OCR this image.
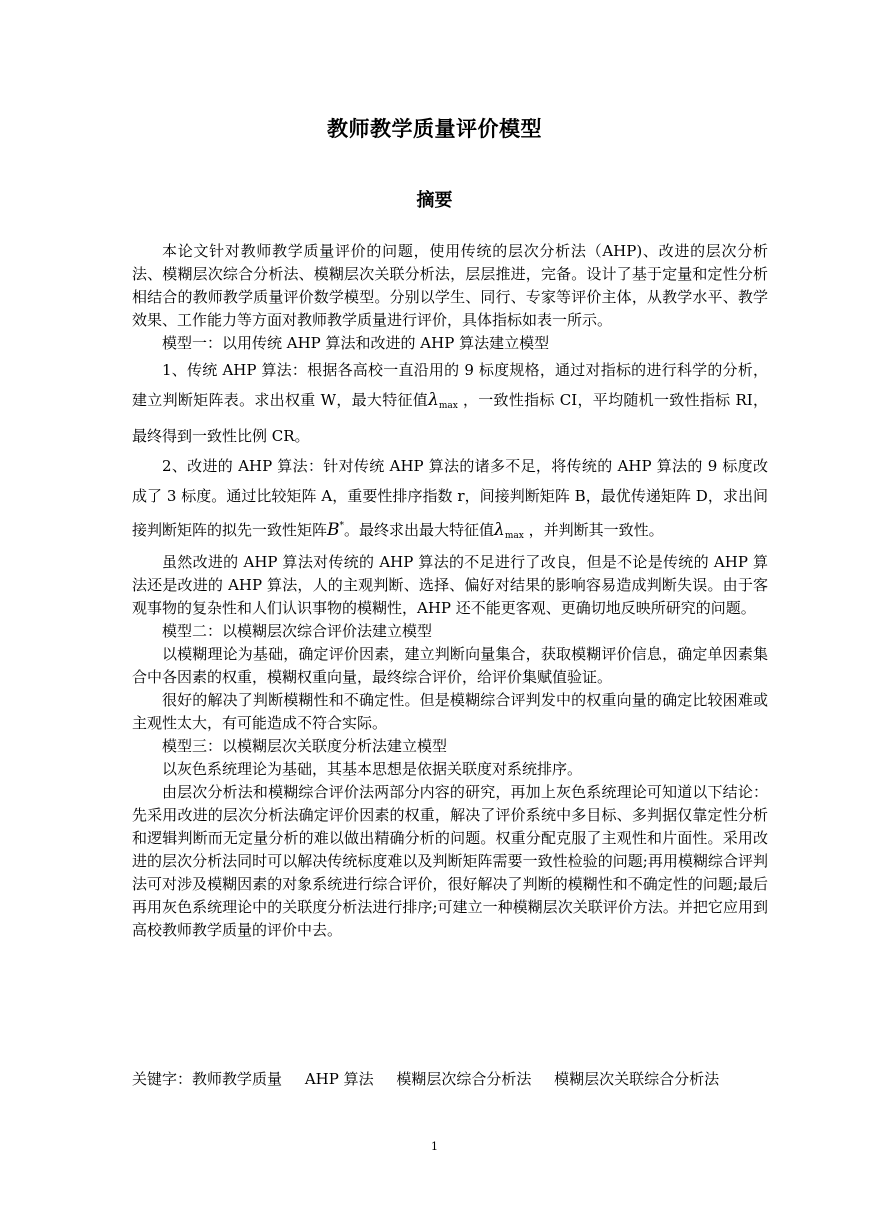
教师教学质量评价模型
摘要

本论文针对教师教学质量评价的问题，使用传统的层次分析法（AHP)、改进的层次分析法、模糊层次综合分析法、模糊层次关联分析法，层层推进，完备。设计了基于定量和定性分析相结合的教师教学质量评价数学模型。分别以学生、同行、专家等评价主体，从教学水平、教学效果、工作能力等方面对教师教学质量进行评价，具体指标如表一所示。

模型一：以用传统 AHP 算法和改进的 AHP 算法建立模型

1、传统 AHP 算法：根据各高校一直沿用的 9 标度规格，通过对指标的进行科学的分析，建立判断矩阵表。求出权重 W，最大特征值$\lambda_{max}$ ，一致性指标 CI，平均随机一致性指标 RI，最终得到一致性比例 CR。

2、改进的 AHP 算法：针对传统 AHP 算法的诸多不足，将传统的 AHP 算法的 9 标度改成了 3 标度。通过比较矩阵 A，重要性排序指数 r，间接判断矩阵 B，最优传递矩阵 D，求出间接判断矩阵的拟先一致性矩阵B*。最终求出最大特征值$\lambda_{max}$ ，并判断其一致性。

虽然改进的 AHP 算法对传统的 AHP 算法的不足进行了改良，但是不论是传统的 AHP 算法还是改进的 AHP 算法，人的主观判断、选择、偏好对结果的影响容易造成判断失误。由于客观事物的复杂性和人们认识事物的模糊性，AHP 还不能更客观、更确切地反映所研究的问题。

模型二：以模糊层次综合评价法建立模型

以模糊理论为基础，确定评价因素，建立判断向量集合，获取模糊评价信息，确定单因素集合中各因素的权重，模糊权重向量，最终综合评价，给评价集赋值验证。

很好的解决了判断模糊性和不确定性。但是模糊综合评判发中的权重向量的确定比较困难或主观性太大，有可能造成不符合实际。

模型三：以模糊层次关联度分析法建立模型

以灰色系统理论为基础，其基本思想是依据关联度对系统排序。

由层次分析法和模糊综合评价法两部分内容的研究，再加上灰色系统理论可知道以下结论：先采用改进的层次分析法确定评价因素的权重，解决了评价系统中多目标、多判据仅靠定性分析和逻辑判断而无定量分析的难以做出精确分析的问题。权重分配克服了主观性和片面性。采用改进的层次分析法同时可以解决传统标度难以及判断矩阵需要一致性检验的问题;再用模糊综合评判法可对涉及模糊因素的对象系统进行综合评价，很好解决了判断的模糊性和不确定性的问题;最后再用灰色系统理论中的关联度分析法进行排序;可建立一种模糊层次关联评价方法。并把它应用到高校教师教学质量的评价中去。

关键字： 教师教学质量 AHP 算法 模糊层次综合分析法 模糊层次关联综合分析法
1
